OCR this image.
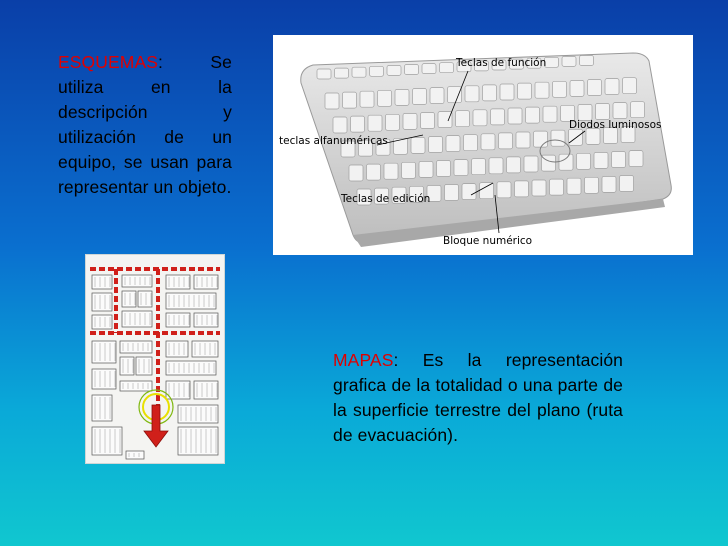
ESQUEMAS: Se utiliza en la descripción y utilización de un equipo, se usan para representar un objeto.
Teclas de función
Diodos luminosos
teclas alfanuméricas
Teclas de edición
Bloque numérico
MAPAS: Es la representación grafica de la totalidad o una parte de la superficie terrestre del plano (ruta de evacuación).
